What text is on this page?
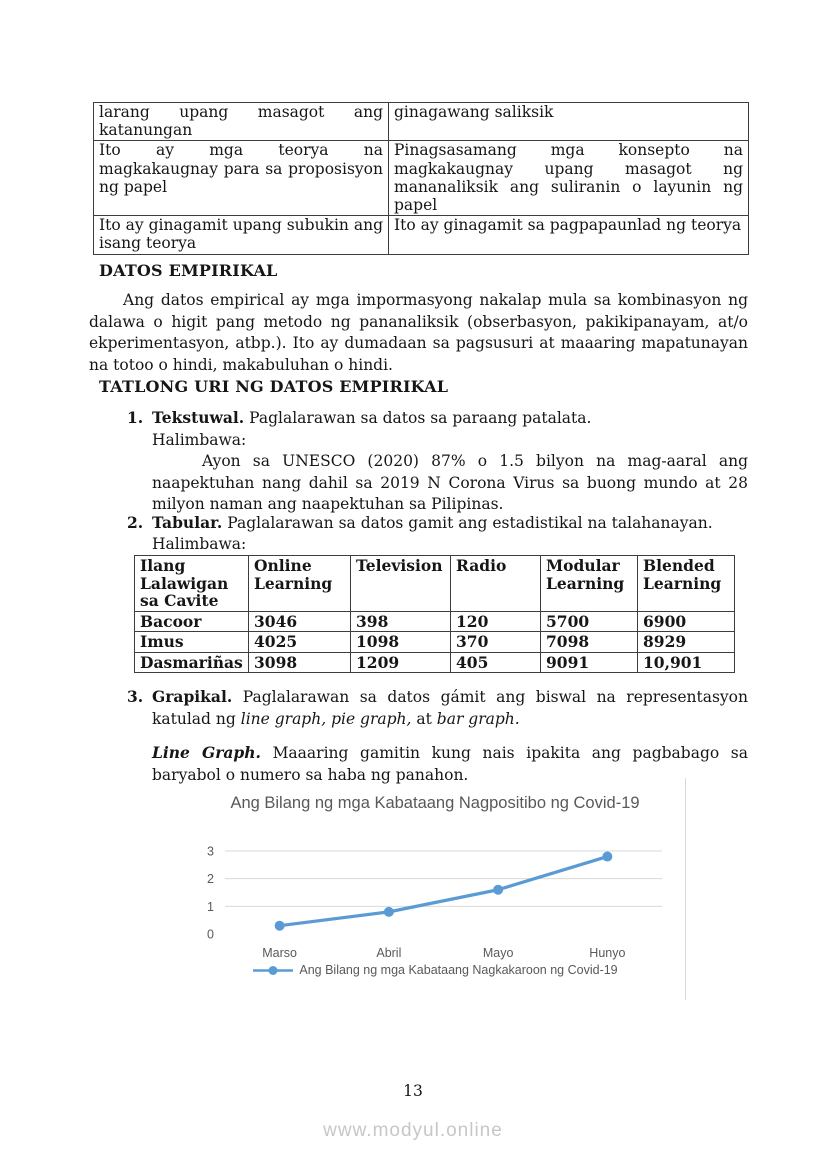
larang upang masagot ang katanungan	ginagawang saliksik
Ito ay mga teorya na magkakaugnay para sa proposisyon ng papel	Pinagsasamang mga konsepto na magkakaugnay upang masagot ng mananaliksik ang suliranin o layunin ng papel
Ito ay ginagamit upang subukin ang isang teorya	Ito ay ginagamit sa pagpapaunlad ng teorya
DATOS EMPIRIKAL
Ang datos empirical ay mga impormasyong nakalap mula sa kombinasyon ng dalawa o higit pang metodo ng pananaliksik (obserbasyon, pakikipanayam, at/o ekperimentasyon, atbp.). Ito ay dumadaan sa pagsusuri at maaaring mapatunayan na totoo o hindi, makabuluhan o hindi.
TATLONG URI NG DATOS EMPIRIKAL
1. Tekstuwal. Paglalarawan sa datos sa paraang patalata.
Halimbawa:
Ayon sa UNESCO (2020) 87% o 1.5 bilyon na mag-aaral ang naapektuhan nang dahil sa 2019 N Corona Virus sa buong mundo at 28 milyon naman ang naapektuhan sa Pilipinas.
2. Tabular. Paglalarawan sa datos gamit ang estadistikal na talahanayan.
Halimbawa:
Ilang Lalawigan sa Cavite	Online Learning	Television	Radio	Modular Learning	Blended Learning
Bacoor	3046	398	120	5700	6900
Imus	4025	1098	370	7098	8929
Dasmariñas	3098	1209	405	9091	10,901
3. Grapikal. Paglalarawan sa datos gámit ang biswal na representasyon katulad ng line graph, pie graph, at bar graph.
Line Graph. Maaaring gamitin kung nais ipakita ang pagbabago sa baryabol o numero sa haba ng panahon.
Ang Bilang ng mga Kabataang Nagpositibo ng Covid-19
0
1
2
3
Marso	Abril	Mayo	Hunyo
Ang Bilang ng mga Kabataang Nagkakaroon ng Covid-19
13
www.modyul.online
